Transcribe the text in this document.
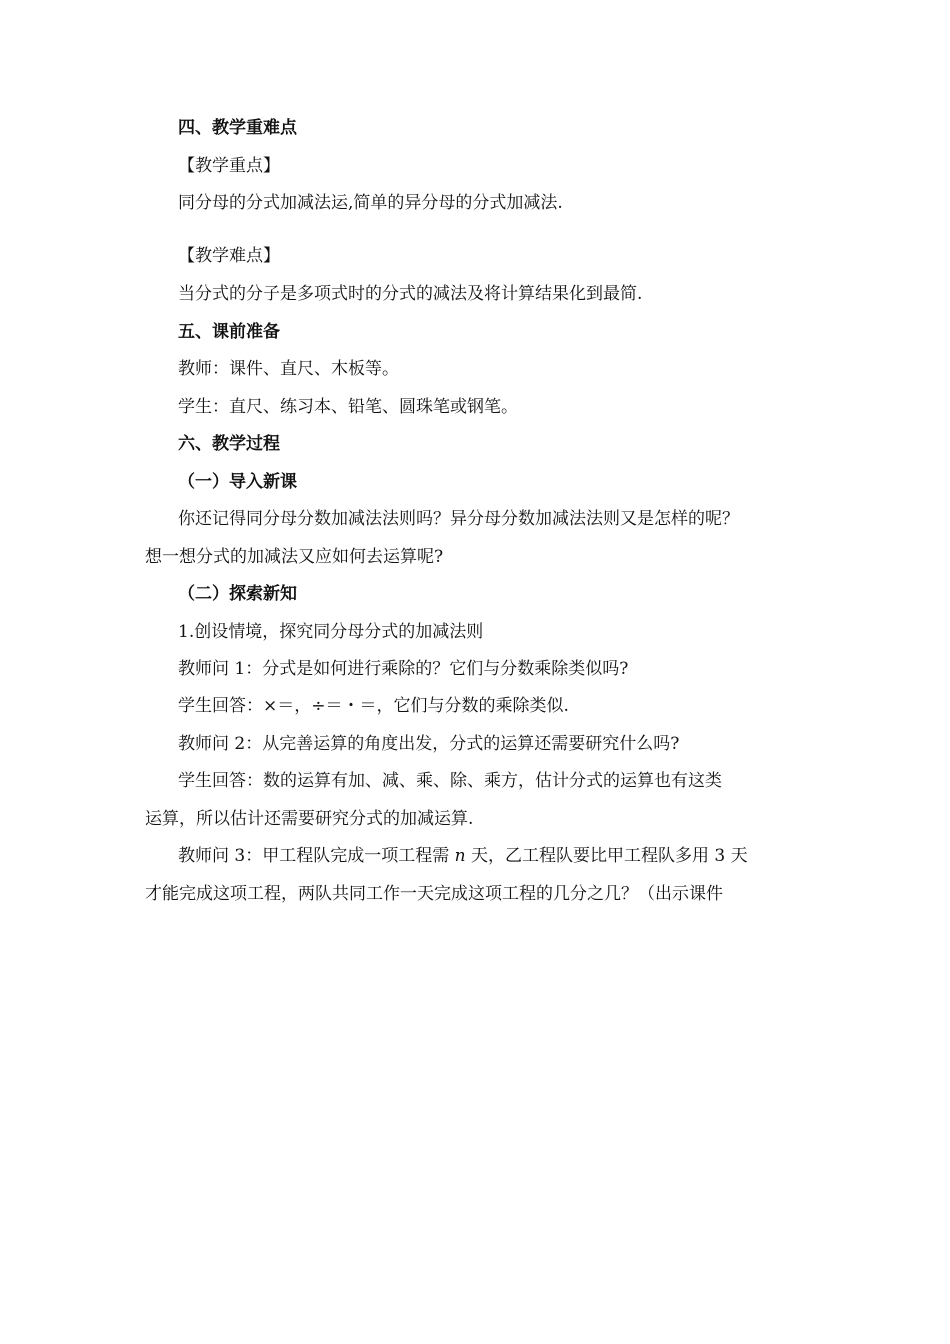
四、教学重难点
【教学重点】
同分母的分式加减法运,简单的异分母的分式加减法.
【教学难点】
当分式的分子是多项式时的分式的减法及将计算结果化到最简.
五、课前准备
教师：课件、直尺、木板等。
学生：直尺、练习本、铅笔、圆珠笔或钢笔。
六、教学过程
（一）导入新课
你还记得同分母分数加减法法则吗？异分母分数加减法法则又是怎样的呢？
想一想分式的加减法又应如何去运算呢?
（二）探索新知
1.创设情境，探究同分母分式的加减法则
教师问 1：分式是如何进行乘除的？它们与分数乘除类似吗?
学生回答：×＝，÷＝・＝，它们与分数的乘除类似.
教师问 2：从完善运算的角度出发，分式的运算还需要研究什么吗?
学生回答：数的运算有加、减、乘、除、乘方，估计分式的运算也有这类
运算，所以估计还需要研究分式的加减运算.
教师问 3：甲工程队完成一项工程需 n 天，乙工程队要比甲工程队多用 3 天
才能完成这项工程，两队共同工作一天完成这项工程的几分之几？（出示课件
